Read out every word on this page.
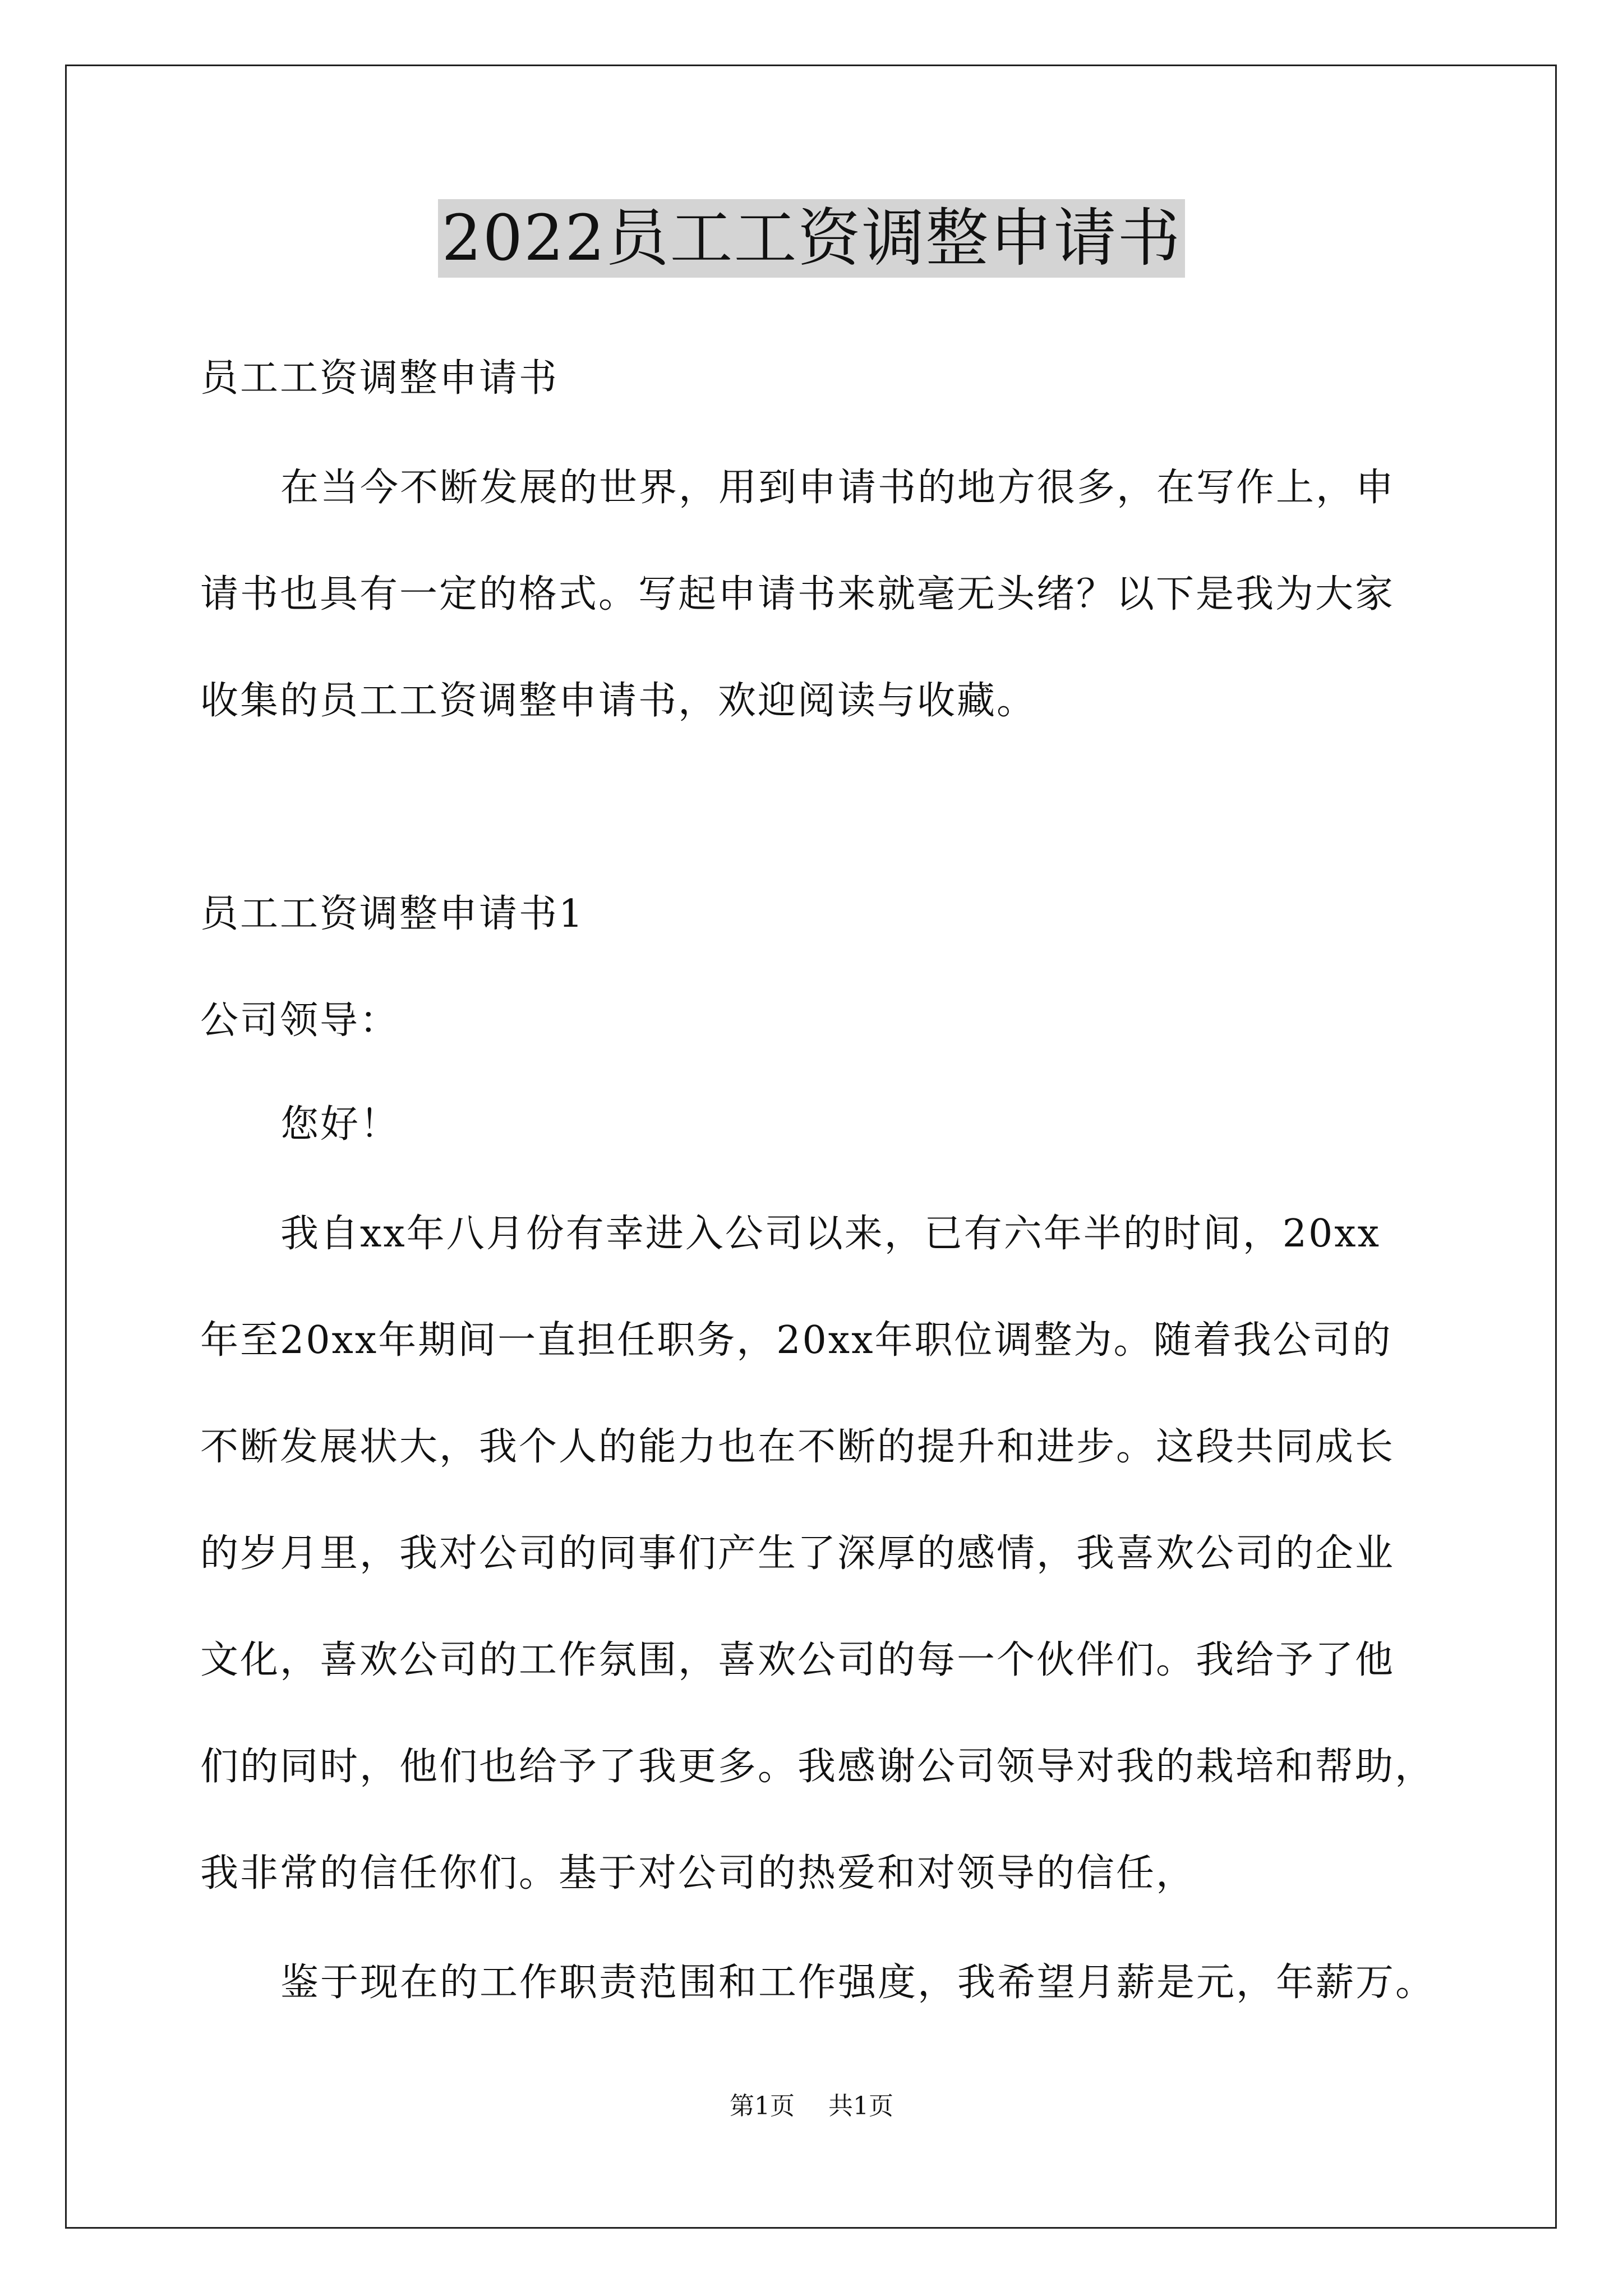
2022员工工资调整申请书
员工工资调整申请书
在当今不断发展的世界，用到申请书的地方很多，在写作上，申
请书也具有一定的格式。写起申请书来就毫无头绪？以下是我为大家
收集的员工工资调整申请书，欢迎阅读与收藏。
员工工资调整申请书1
公司领导：
您好！
我自xx年八月份有幸进入公司以来，已有六年半的时间，20xx
年至20xx年期间一直担任职务，20xx年职位调整为。随着我公司的
不断发展状大，我个人的能力也在不断的提升和进步。这段共同成长
的岁月里，我对公司的同事们产生了深厚的感情，我喜欢公司的企业
文化，喜欢公司的工作氛围，喜欢公司的每一个伙伴们。我给予了他
们的同时，他们也给予了我更多。我感谢公司领导对我的栽培和帮助，
我非常的信任你们。基于对公司的热爱和对领导的信任，
鉴于现在的工作职责范围和工作强度，我希望月薪是元，年薪万。
第1页 共1页
